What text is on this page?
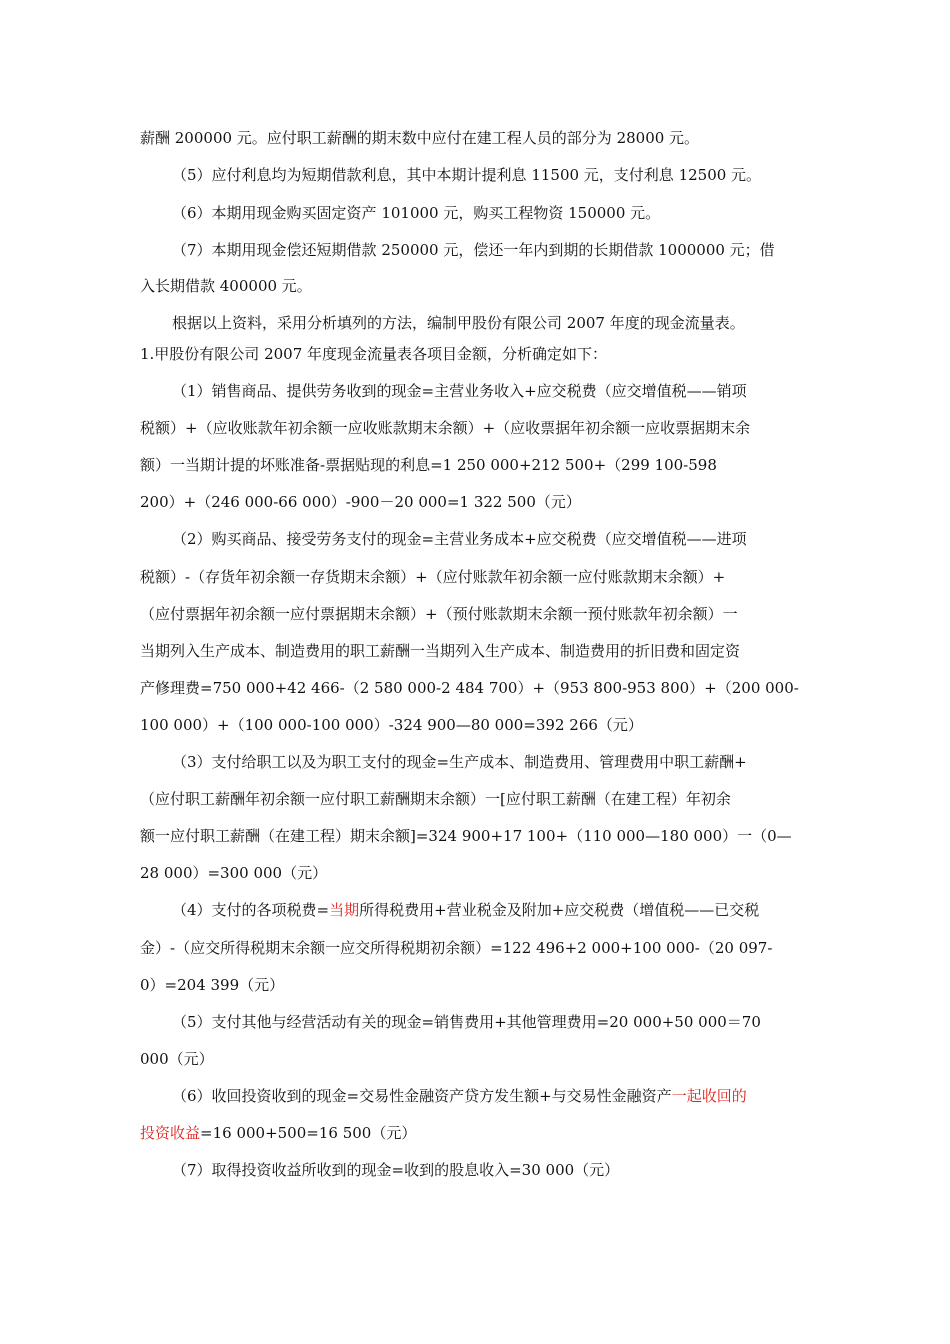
薪酬 200000 元。应付职工薪酬的期末数中应付在建工程人员的部分为 28000 元。
（5）应付利息均为短期借款利息，其中本期计提利息 11500 元，支付利息 12500 元。
（6）本期用现金购买固定资产 101000 元，购买工程物资 150000 元。
（7）本期用现金偿还短期借款 250000 元，偿还一年内到期的长期借款 1000000 元；借
入长期借款 400000 元。
根据以上资料，采用分析填列的方法，编制甲股份有限公司 2007 年度的现金流量表。
1.甲股份有限公司 2007 年度现金流量表各项目金额，分析确定如下：
（1）销售商品、提供劳务收到的现金=主营业务收入+应交税费（应交增值税——销项
税额）+（应收账款年初余额一应收账款期末余额）+（应收票据年初余额一应收票据期末余
额）一当期计提的坏账准备-票据贴现的利息=1 250 000+212 500+（299 100-598
200）+（246 000-66 000）-900－20 000=1 322 500（元）
（2）购买商品、接受劳务支付的现金=主营业务成本+应交税费（应交增值税——进项
税额）-（存货年初余额一存货期末余额）+（应付账款年初余额一应付账款期末余额）+
（应付票据年初余额一应付票据期末余额）+（预付账款期末余额一预付账款年初余额）一
当期列入生产成本、制造费用的职工薪酬一当期列入生产成本、制造费用的折旧费和固定资
产修理费=750 000+42 466-（2 580 000-2 484 700）+（953 800-953 800）+（200 000-
100 000）+（100 000-100 000）-324 900—80 000=392 266（元）
（3）支付给职工以及为职工支付的现金=生产成本、制造费用、管理费用中职工薪酬+
（应付职工薪酬年初余额一应付职工薪酬期末余额）一[应付职工薪酬（在建工程）年初余
额一应付职工薪酬（在建工程）期末余额]=324 900+17 100+（110 000—180 000）一（0—
28 000）=300 000（元）
（4）支付的各项税费=当期所得税费用+营业税金及附加+应交税费（增值税——已交税
金）-（应交所得税期末余额一应交所得税期初余额）=122 496+2 000+100 000-（20 097-
0）=204 399（元）
（5）支付其他与经营活动有关的现金=销售费用+其他管理费用=20 000+50 000＝70
000（元）
（6）收回投资收到的现金=交易性金融资产贷方发生额+与交易性金融资产一起收回的
投资收益=16 000+500=16 500（元）
（7）取得投资收益所收到的现金=收到的股息收入=30 000（元）
